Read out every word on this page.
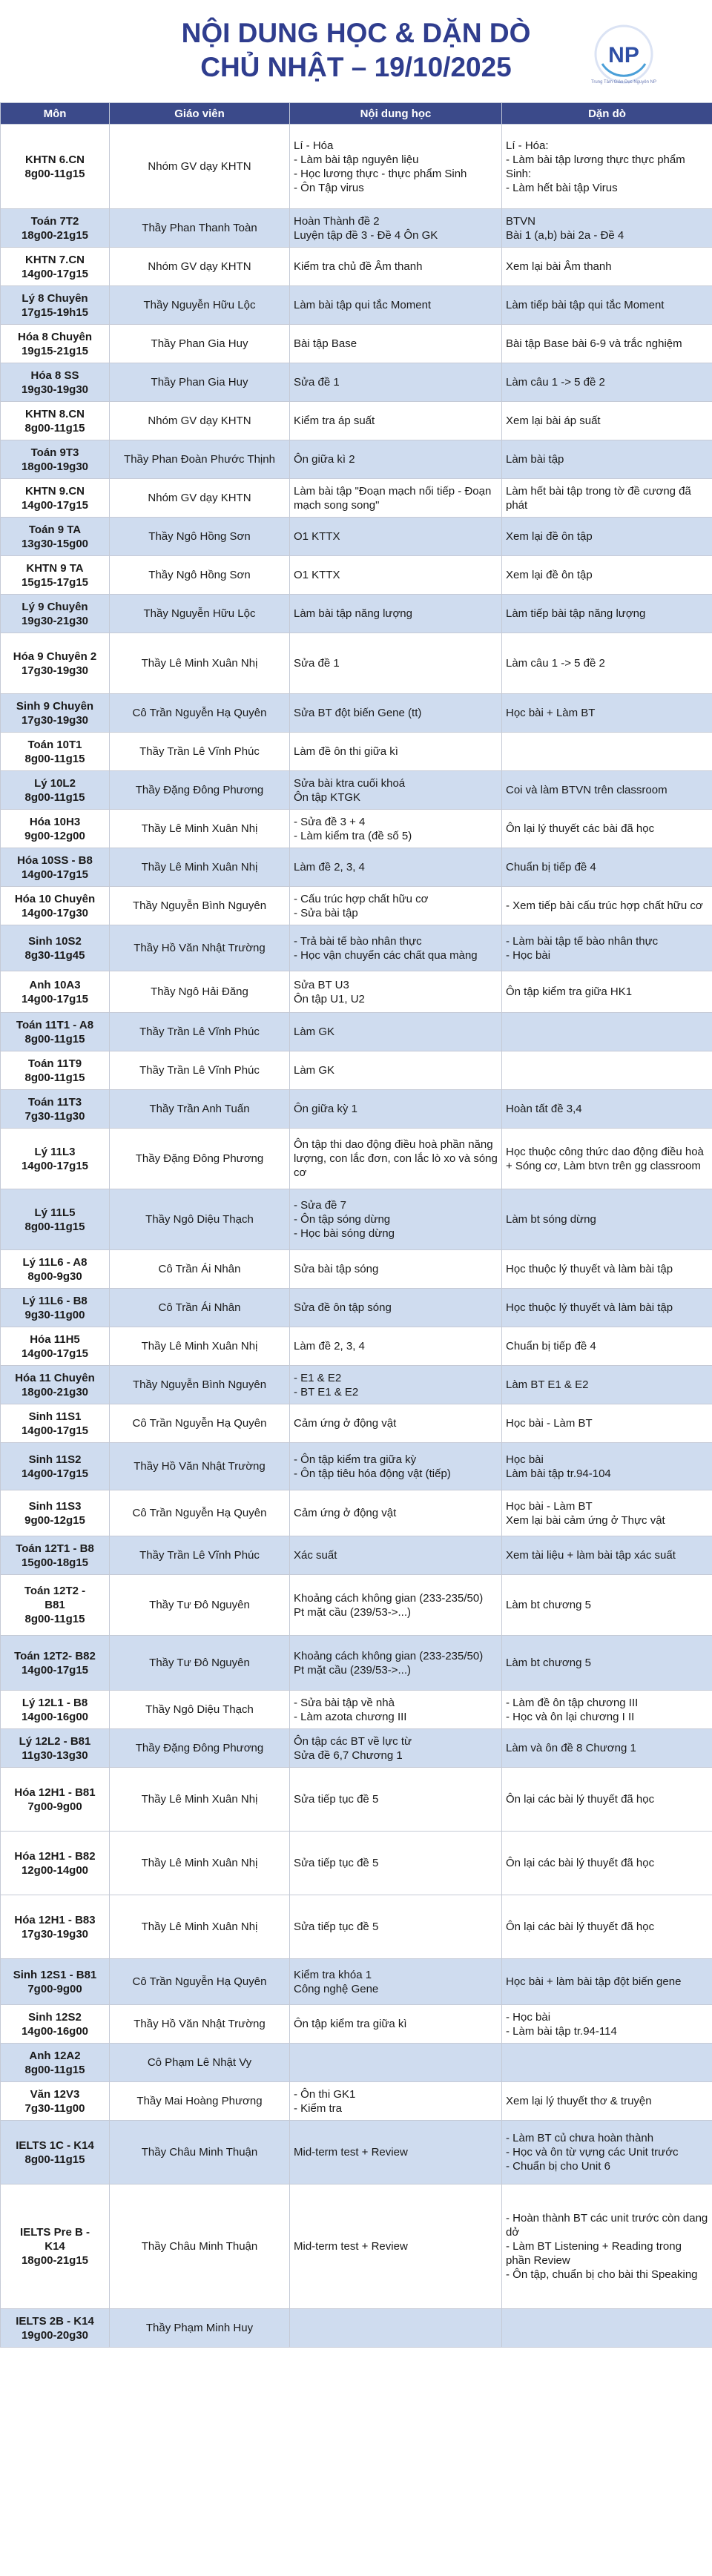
NỘI DUNG HỌC & DẶN DÒ
CHỦ NHẬT – 19/10/2025	NP
Trung Tâm Giáo Dục Nguyên NP
Môn	Giáo viên	Nội dung học	Dặn dò

KHTN 6.CN
8g00-11g15	Nhóm GV dạy KHTN	Lí - Hóa
- Làm bài tập nguyên liệu
- Học lương thực - thực phẩm Sinh
- Ôn Tập virus	Lí - Hóa:
- Làm bài tập lương thực thực phẩm
Sinh:
- Làm hết bài tập Virus

Toán 7T2
18g00-21g15	Thầy Phan Thanh Toàn	Hoàn Thành đề 2
Luyện tập đề 3 - Đề 4 Ôn GK	BTVN
Bài 1 (a,b) bài 2a - Đề 4

KHTN 7.CN
14g00-17g15	Nhóm GV dạy KHTN	Kiểm tra chủ đề Âm thanh	Xem lại bài Âm thanh

Lý 8 Chuyên
17g15-19h15	Thầy Nguyễn Hữu Lộc	Làm bài tập qui tắc Moment	Làm tiếp bài tập qui tắc Moment

Hóa 8 Chuyên
19g15-21g15	Thầy Phan Gia Huy	Bài tập Base	Bài tập Base bài 6-9 và trắc nghiệm

Hóa 8 SS
19g30-19g30	Thầy Phan Gia Huy	Sửa đề 1	Làm câu 1 -> 5 đề 2

KHTN 8.CN
8g00-11g15	Nhóm GV dạy KHTN	Kiểm tra áp suất	Xem lại bài áp suất

Toán 9T3
18g00-19g30	Thầy Phan Đoàn Phước Thịnh	Ôn giữa kì 2	Làm bài tập

KHTN 9.CN
14g00-17g15	Nhóm GV dạy KHTN	Làm bài tập "Đoạn mạch nối tiếp - Đoạn mạch song song"	Làm hết bài tập trong tờ đề cương đã phát

Toán 9 TA
13g30-15g00	Thầy Ngô Hồng Sơn	O1 KTTX	Xem lại đề ôn tập

KHTN 9 TA
15g15-17g15	Thầy Ngô Hồng Sơn	O1 KTTX	Xem lại đề ôn tập

Lý 9 Chuyên
19g30-21g30	Thầy Nguyễn Hữu Lộc	Làm bài tập năng lượng	Làm tiếp bài tập năng lượng

Hóa 9 Chuyên 2
17g30-19g30	Thầy Lê Minh Xuân Nhị	Sửa đề 1	Làm câu 1 -> 5 đề 2

Sinh 9 Chuyên
17g30-19g30	Cô Trần Nguyễn Hạ Quyên	Sửa BT đột biến Gene (tt)	Học bài + Làm BT

Toán 10T1
8g00-11g15	Thầy Trần Lê Vĩnh Phúc	Làm đề ôn thi giữa kì	

Lý 10L2
8g00-11g15	Thầy Đặng Đông Phương	Sửa bài ktra cuối khoá
Ôn tập KTGK	Coi và làm BTVN trên classroom

Hóa 10H3
9g00-12g00	Thầy Lê Minh Xuân Nhị	- Sửa đề 3 + 4
- Làm kiểm tra (đề số 5)	Ôn lại lý thuyết các bài đã học

Hóa 10SS - B8
14g00-17g15	Thầy Lê Minh Xuân Nhị	Làm đề 2, 3, 4	Chuẩn bị tiếp đề 4

Hóa 10 Chuyên
14g00-17g30	Thầy Nguyễn Bình Nguyên	- Cấu trúc hợp chất hữu cơ
- Sửa bài tập	- Xem tiếp bài cấu trúc hợp chất hữu cơ

Sinh 10S2
8g30-11g45	Thầy Hồ Văn Nhật Trường	- Trả bài tế bào nhân thực
- Học vận chuyển các chất qua màng	- Làm bài tập tế bào nhân thực
- Học bài

Anh 10A3
14g00-17g15	Thầy Ngô Hải Đăng	Sửa BT U3
Ôn tập U1, U2	Ôn tập kiểm tra giữa HK1

Toán 11T1 - A8
8g00-11g15	Thầy Trần Lê Vĩnh Phúc	Làm GK	

Toán 11T9
8g00-11g15	Thầy Trần Lê Vĩnh Phúc	Làm GK	

Toán 11T3
7g30-11g30	Thầy Trần Anh Tuấn	Ôn giữa kỳ 1	Hoàn tất đề 3,4

Lý 11L3
14g00-17g15	Thầy Đặng Đông Phương	Ôn tập thi dao động điều hoà phần năng lượng, con lắc đơn, con lắc lò xo và sóng cơ	Học thuộc công thức dao động điều hoà + Sóng cơ, Làm btvn trên gg classroom

Lý 11L5
8g00-11g15	Thầy Ngô Diệu Thạch	- Sửa đề 7
- Ôn tập sóng dừng
- Học bài sóng dừng	Làm bt sóng dừng

Lý 11L6 - A8
8g00-9g30	Cô Trần Ái Nhân	Sửa bài tập sóng	Học thuộc lý thuyết và làm bài tập

Lý 11L6 - B8
9g30-11g00	Cô Trần Ái Nhân	Sửa đề ôn tập sóng	Học thuộc lý thuyết và làm bài tập

Hóa 11H5
14g00-17g15	Thầy Lê Minh Xuân Nhị	Làm đề 2, 3, 4	Chuẩn bị tiếp đề 4

Hóa 11 Chuyên
18g00-21g30	Thầy Nguyễn Bình Nguyên	- E1 & E2
- BT E1 & E2	Làm BT E1 & E2

Sinh 11S1
14g00-17g15	Cô Trần Nguyễn Hạ Quyên	Cảm ứng ở động vật	Học bài - Làm BT

Sinh 11S2
14g00-17g15	Thầy Hồ Văn Nhật Trường	- Ôn tập kiểm tra giữa kỳ
- Ôn tập tiêu hóa động vật (tiếp)	Học bài
Làm bài tập tr.94-104

Sinh 11S3
9g00-12g15	Cô Trần Nguyễn Hạ Quyên	Cảm ứng ở động vật	Học bài - Làm BT
Xem lại bài cảm ứng ở Thực vật

Toán 12T1 - B8
15g00-18g15	Thầy Trần Lê Vĩnh Phúc	Xác suất	Xem tài liệu + làm bài tập xác suất

Toán 12T2 -
B81
8g00-11g15	Thầy Tư Đô Nguyên	Khoảng cách không gian (233-235/50)
Pt mặt cầu (239/53->...)	Làm bt chương 5

Toán 12T2- B82
14g00-17g15	Thầy Tư Đô Nguyên	Khoảng cách không gian (233-235/50)
Pt mặt cầu (239/53->...)	Làm bt chương 5

Lý 12L1 - B8
14g00-16g00	Thầy Ngô Diệu Thạch	- Sửa bài tập về nhà
- Làm azota chương III	- Làm đề ôn tập chương III
- Học và ôn lại chương I II

Lý 12L2 - B81
11g30-13g30	Thầy Đặng Đông Phương	Ôn tập các BT về lực từ
Sửa đề 6,7 Chương 1	Làm và ôn đề 8 Chương 1

Hóa 12H1 - B81
7g00-9g00	Thầy Lê Minh Xuân Nhị	Sửa tiếp tục đề 5	Ôn lại các bài lý thuyết đã học

Hóa 12H1 - B82
12g00-14g00	Thầy Lê Minh Xuân Nhị	Sửa tiếp tục đề 5	Ôn lại các bài lý thuyết đã học

Hóa 12H1 - B83
17g30-19g30	Thầy Lê Minh Xuân Nhị	Sửa tiếp tục đề 5	Ôn lại các bài lý thuyết đã học

Sinh 12S1 - B81
7g00-9g00	Cô Trần Nguyễn Hạ Quyên	Kiểm tra khóa 1
Công nghệ Gene	Học bài + làm bài tập đột biến gene

Sinh 12S2
14g00-16g00	Thầy Hồ Văn Nhật Trường	Ôn tập kiểm tra giữa kì	- Học bài
- Làm bài tập tr.94-114

Anh 12A2
8g00-11g15	Cô Phạm Lê Nhật Vy	

Văn 12V3
7g30-11g00	Thầy Mai Hoàng Phương	- Ôn thi GK1
- Kiểm tra	Xem lại lý thuyết thơ & truyện

IELTS 1C - K14
8g00-11g15	Thầy Châu Minh Thuận	Mid-term test + Review	- Làm BT củ chưa hoàn thành
- Học và ôn từ vựng các Unit trước
- Chuẩn bị cho Unit 6

IELTS Pre B -
K14
18g00-21g15	Thầy Châu Minh Thuận	Mid-term test + Review	- Hoàn thành BT các unit trước còn dang dở
- Làm BT Listening + Reading trong phần Review
- Ôn tập, chuẩn bị cho bài thi Speaking

IELTS 2B - K14
19g00-20g30	Thầy Phạm Minh Huy	
